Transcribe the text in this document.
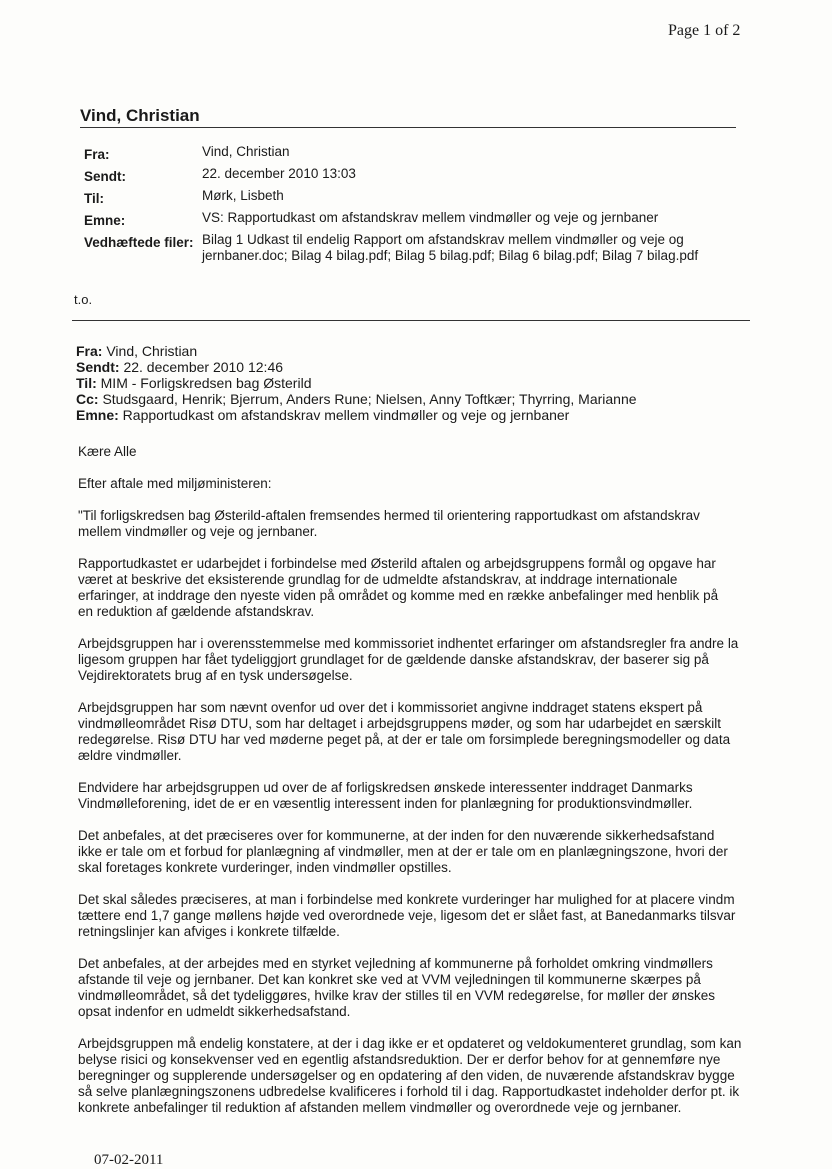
Page 1 of 2
Vind, Christian
Fra:	Vind, Christian
Sendt:	22. december 2010 13:03
Til:	Mørk, Lisbeth
Emne:	VS: Rapportudkast om afstandskrav mellem vindmøller og veje og jernbaner
Vedhæftede filer: Bilag 1 Udkast til endelig Rapport om afstandskrav mellem vindmøller og veje og jernbaner.doc; Bilag 4 bilag.pdf; Bilag 5 bilag.pdf; Bilag 6 bilag.pdf; Bilag 7 bilag.pdf
t.o.
Fra: Vind, Christian
Sendt: 22. december 2010 12:46
Til: MIM - Forligskredsen bag Østerild
Cc: Studsgaard, Henrik; Bjerrum, Anders Rune; Nielsen, Anny Toftkær; Thyrring, Marianne
Emne: Rapportudkast om afstandskrav mellem vindmøller og veje og jernbaner

Kære Alle

Efter aftale med miljøministeren:

"Til forligskredsen bag Østerild-aftalen fremsendes hermed til orientering rapportudkast om afstandskrav
mellem vindmøller og veje og jernbaner.

Rapportudkastet er udarbejdet i forbindelse med Østerild aftalen og arbejdsgruppens formål og opgave har
været at beskrive det eksisterende grundlag for de udmeldte afstandskrav, at inddrage internationale
erfaringer, at inddrage den nyeste viden på området og komme med en række anbefalinger med henblik på
en reduktion af gældende afstandskrav.

Arbejdsgruppen har i overensstemmelse med kommissoriet indhentet erfaringer om afstandsregler fra andre la
ligesom gruppen har fået tydeliggjort grundlaget for de gældende danske afstandskrav, der baserer sig på
Vejdirektoratets brug af en tysk undersøgelse.

Arbejdsgruppen har som nævnt ovenfor ud over det i kommissoriet angivne inddraget statens ekspert på
vindmølleområdet Risø DTU, som har deltaget i arbejdsgruppens møder, og som har udarbejdet en særskilt
redegørelse. Risø DTU har ved møderne peget på, at der er tale om forsimplede beregningsmodeller og data
ældre vindmøller.

Endvidere har arbejdsgruppen ud over de af forligskredsen ønskede interessenter inddraget Danmarks
Vindmølleforening, idet de er en væsentlig interessent inden for planlægning for produktionsvindmøller.

Det anbefales, at det præciseres over for kommunerne, at der inden for den nuværende sikkerhedsafstand
ikke er tale om et forbud for planlægning af vindmøller, men at der er tale om en planlægningszone, hvori der
skal foretages konkrete vurderinger, inden vindmøller opstilles.

Det skal således præciseres, at man i forbindelse med konkrete vurderinger har mulighed for at placere vindm
tættere end 1,7 gange møllens højde ved overordnede veje, ligesom det er slået fast, at Banedanmarks tilsvar
retningslinjer kan afviges i konkrete tilfælde.

Det anbefales, at der arbejdes med en styrket vejledning af kommunerne på forholdet omkring vindmøllers
afstande til veje og jernbaner. Det kan konkret ske ved at VVM vejledningen til kommunerne skærpes på
vindmølleområdet, så det tydeliggøres, hvilke krav der stilles til en VVM redegørelse, for møller der ønskes
opsat indenfor en udmeldt sikkerhedsafstand.

Arbejdsgruppen må endelig konstatere, at der i dag ikke er et opdateret og veldokumenteret grundlag, som kan
belyse risici og konsekvenser ved en egentlig afstandsreduktion. Der er derfor behov for at gennemføre nye
beregninger og supplerende undersøgelser og en opdatering af den viden, de nuværende afstandskrav bygge
så selve planlægningszonens udbredelse kvalificeres i forhold til i dag. Rapportudkastet indeholder derfor pt. ik
konkrete anbefalinger til reduktion af afstanden mellem vindmøller og overordnede veje og jernbaner.

07-02-2011
